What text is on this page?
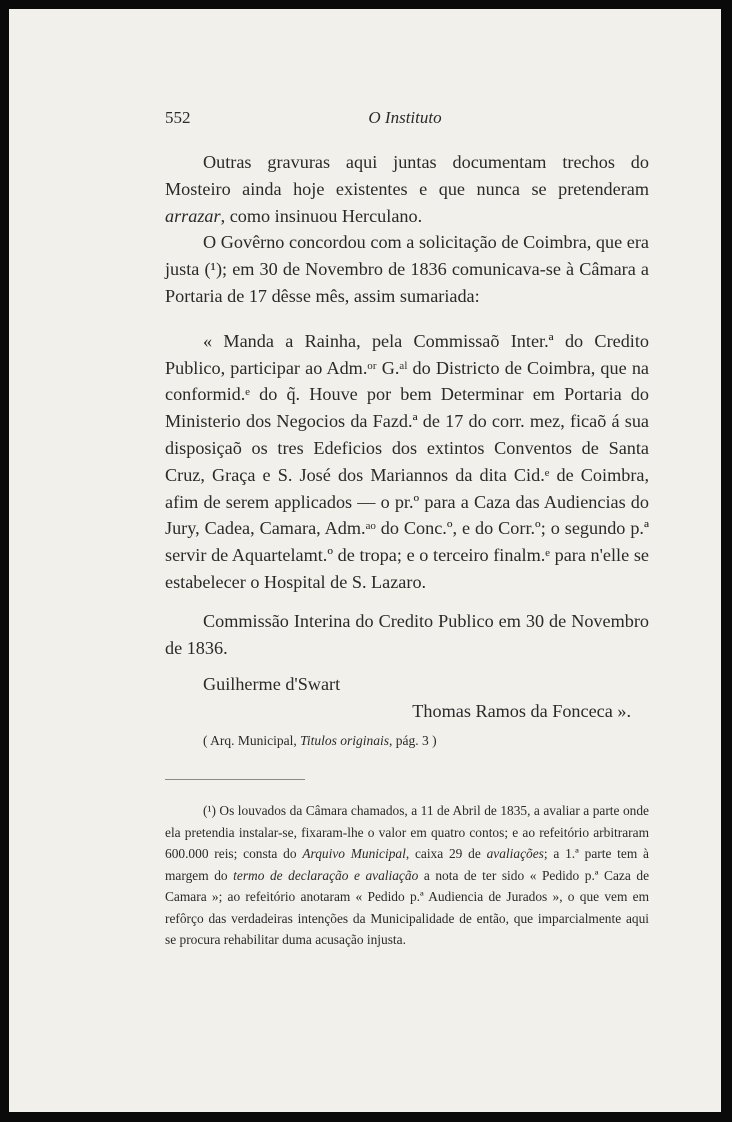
552	O Instituto

Outras gravuras aqui juntas documentam trechos do Mosteiro ainda hoje existentes e que nunca se pretenderam arrazar, como insinuou Herculano.

O Govêrno concordou com a solicitação de Coimbra, que era justa (¹); em 30 de Novembro de 1836 comunicava-se à Câmara a Portaria de 17 dêsse mês, assim sumariada:

« Manda a Rainha, pela Commissaõ Inter.ª do Credito Publico, participar ao Adm.ᵒʳ G.ᵃˡ do Districto de Coimbra, que na conformid.ᵉ do q̃. Houve por bem Determinar em Portaria do Ministerio dos Negocios da Fazd.ª de 17 do corr. mez, ficaõ á sua disposiçaõ os tres Edeficios dos extintos Conventos de Santa Cruz, Graça e S. José dos Mariannos da dita Cid.ᵉ de Coimbra, afim de serem applicados — o pr.º para a Caza das Audiencias do Jury, Cadea, Camara, Adm.ᵃᵒ do Conc.º, e do Corr.º; o segundo p.ª servir de Aquartelamt.º de tropa; e o terceiro finalm.ᵉ para n'elle se estabelecer o Hospital de S. Lazaro.

Commissão Interina do Credito Publico em 30 de Novembro de 1836.

Guilherme d'Swart

Thomas Ramos da Fonceca ».

( Arq. Municipal, Titulos originais, pág. 3 )

(¹) Os louvados da Câmara chamados, a 11 de Abril de 1835, a avaliar a parte onde ela pretendia instalar-se, fixaram-lhe o valor em quatro contos; e ao refeitório arbitraram 600.000 reis; consta do Arquivo Municipal, caixa 29 de avaliações; a 1.ª parte tem à margem do termo de declaração e avaliação a nota de ter sido « Pedido p.ª Caza de Camara »; ao refeitório anotaram « Pedido p.ª Audiencia de Jurados », o que vem em refôrço das verdadeiras intenções da Municipalidade de então, que imparcialmente aqui se procura rehabilitar duma acusação injusta.
